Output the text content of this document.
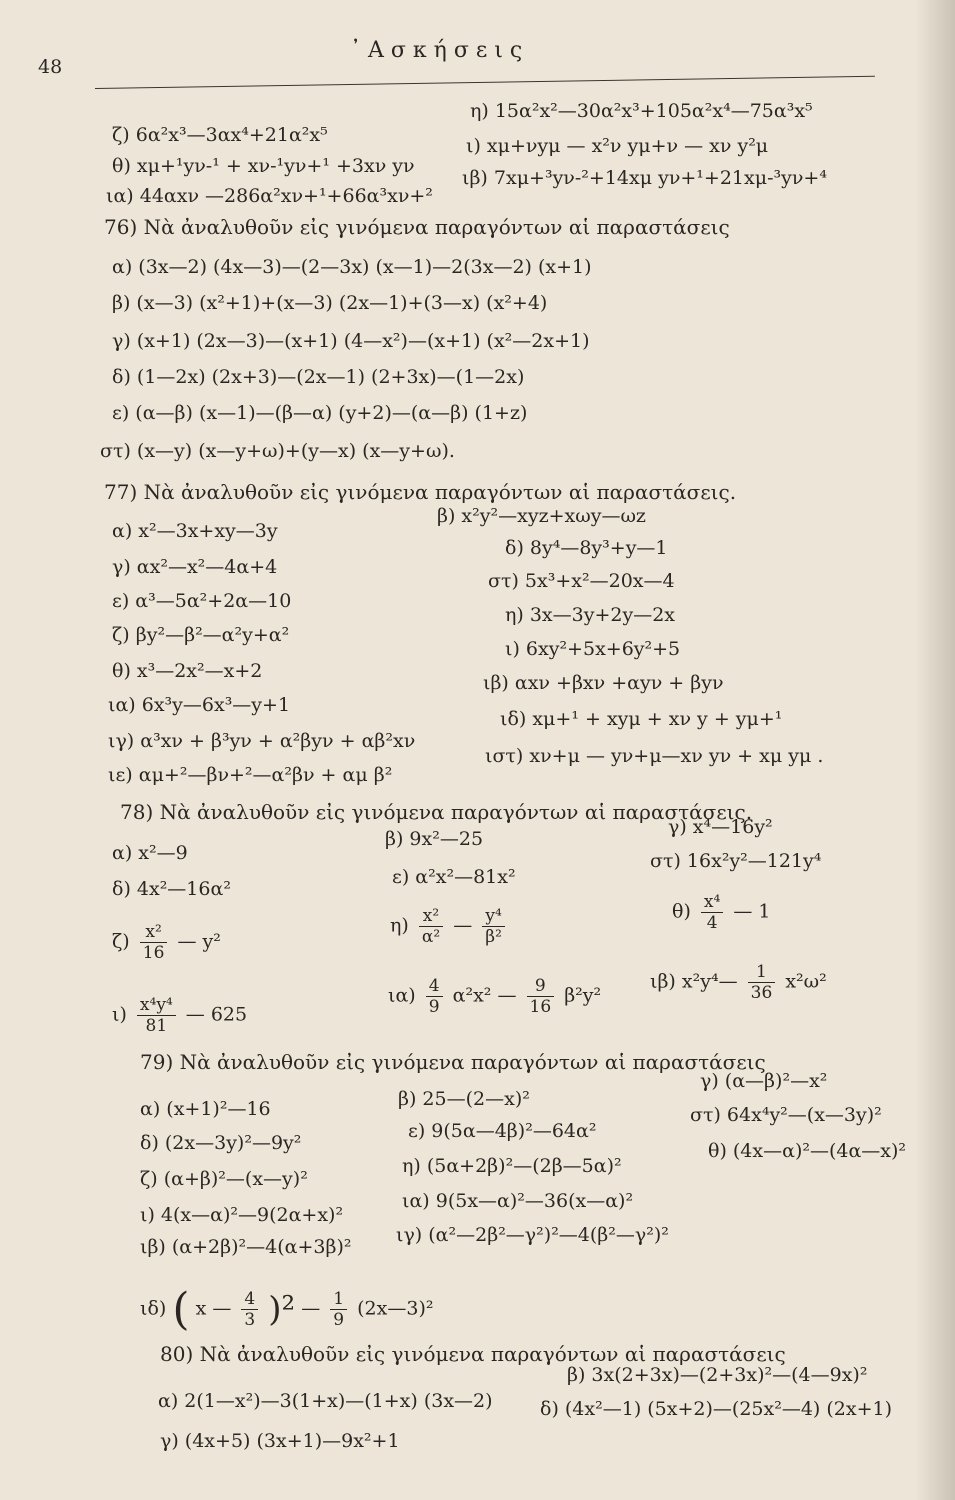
48
᾿Ασκήσεις
ζ) 6α²x³—3αx⁴+21α²x⁵
η) 15α²x²—30α²x³+105α²x⁴—75α³x⁵
θ) xμ+¹yν-¹ + xν-¹yν+¹ +3xν yν
ι) xμ+νyμ — x²ν yμ+ν — xν y²μ
ια) 44αxν —286α²xν+¹+66α³xν+²
ιβ) 7xμ+³yν-²+14xμ yν+¹+21xμ-³yν+⁴
76) Νὰ ἀναλυθοῦν εἰς γινόμενα παραγόντων αἱ παραστάσεις
α) (3x—2) (4x—3)—(2—3x) (x—1)—2(3x—2) (x+1)
β) (x—3) (x²+1)+(x—3) (2x—1)+(3—x) (x²+4)
γ) (x+1) (2x—3)—(x+1) (4—x²)—(x+1) (x²—2x+1)
δ) (1—2x) (2x+3)—(2x—1) (2+3x)—(1—2x)
ε) (α—β) (x—1)—(β—α) (y+2)—(α—β) (1+z)
στ) (x—y) (x—y+ω)+(y—x) (x—y+ω).
77) Νὰ ἀναλυθοῦν εἰς γινόμενα παραγόντων αἱ παραστάσεις.
α) x²—3x+xy—3y
γ) αx²—x²—4α+4
ε) α³—5α²+2α—10
ζ) βy²—β²—α²y+α²
θ) x³—2x²—x+2
ια) 6x³y—6x³—y+1
ιγ) α³xν + β³yν + α²βyν + αβ²xν
ιε) αμ+²—βν+²—α²βν + αμ β²
β) x²y²—xyz+xωy—ωz
δ) 8y⁴—8y³+y—1
στ) 5x³+x²—20x—4
η) 3x—3y+2y—2x
ι) 6xy²+5x+6y²+5
ιβ) αxν +βxν +αyν + βyν
ιδ) xμ+¹ + xyμ + xν y + yμ+¹
ιστ) xν+μ — yν+μ—xν yν + xμ yμ .
78) Νὰ ἀναλυθοῦν εἰς γινόμενα παραγόντων αἱ παραστάσεις.
α) x²—9
β) 9x²—25
γ) x⁴—16y²
δ) 4x²—16α²
ε) α²x²—81x²
στ) 16x²y²—121y⁴
$\zeta) \frac{\text{x²}}{16}$ — y²
$\eta) \frac{\text{x²}}{\text{α²}}$ — $\frac{\text{y⁴}}{\text{β²}}$	$\theta) \frac{\text{x⁴}}{4}$ — 1
$\iota) \frac{\text{x⁴y⁴}}{81}$ — 625
$\iota\alpha) \frac{4}{9} \alpha^2x^2$ — $\frac{9}{16} \beta^2y^2$
ιβ) x²y⁴— $\frac{1}{36} x^2\omega^2$
79) Νὰ ἀναλυθοῦν εἰς γινόμενα παραγόντων αἱ παραστάσεις
α) (x+1)²—16	β) 25—(2—x)²
γ) (α—β)²—x²
δ) (2x—3y)²—9y²
ε) 9(5α—4β)²—64α²
στ) 64x⁴y²—(x—3y)²
ζ) (α+β)²—(x—y)²
η) (5α+2β)²—(2β—5α)²
θ) (4x—α)²—(4α—x)²
ι) 4(x—α)²—9(2α+x)²
ια) 9(5x—α)²—36(x—α)²
ιβ) (α+2β)²—4(α+3β)²
ιγ) (α²—2β²—γ²)²—4(β²—γ²)²
ιδ) ( x — $\frac{4}{3} )^2$ — $\frac{1}{9}$ (2x—3)²
80) Νὰ ἀναλυθοῦν εἰς γινόμενα παραγόντων αἱ παραστάσεις
α) 2(1—x²)—3(1+x)—(1+x) (3x—2)
β) 3x(2+3x)—(2+3x)²—(4—9x)²
γ) (4x+5) (3x+1)—9x²+1
δ) (4x²—1) (5x+2)—(25x²—4) (2x+1)
